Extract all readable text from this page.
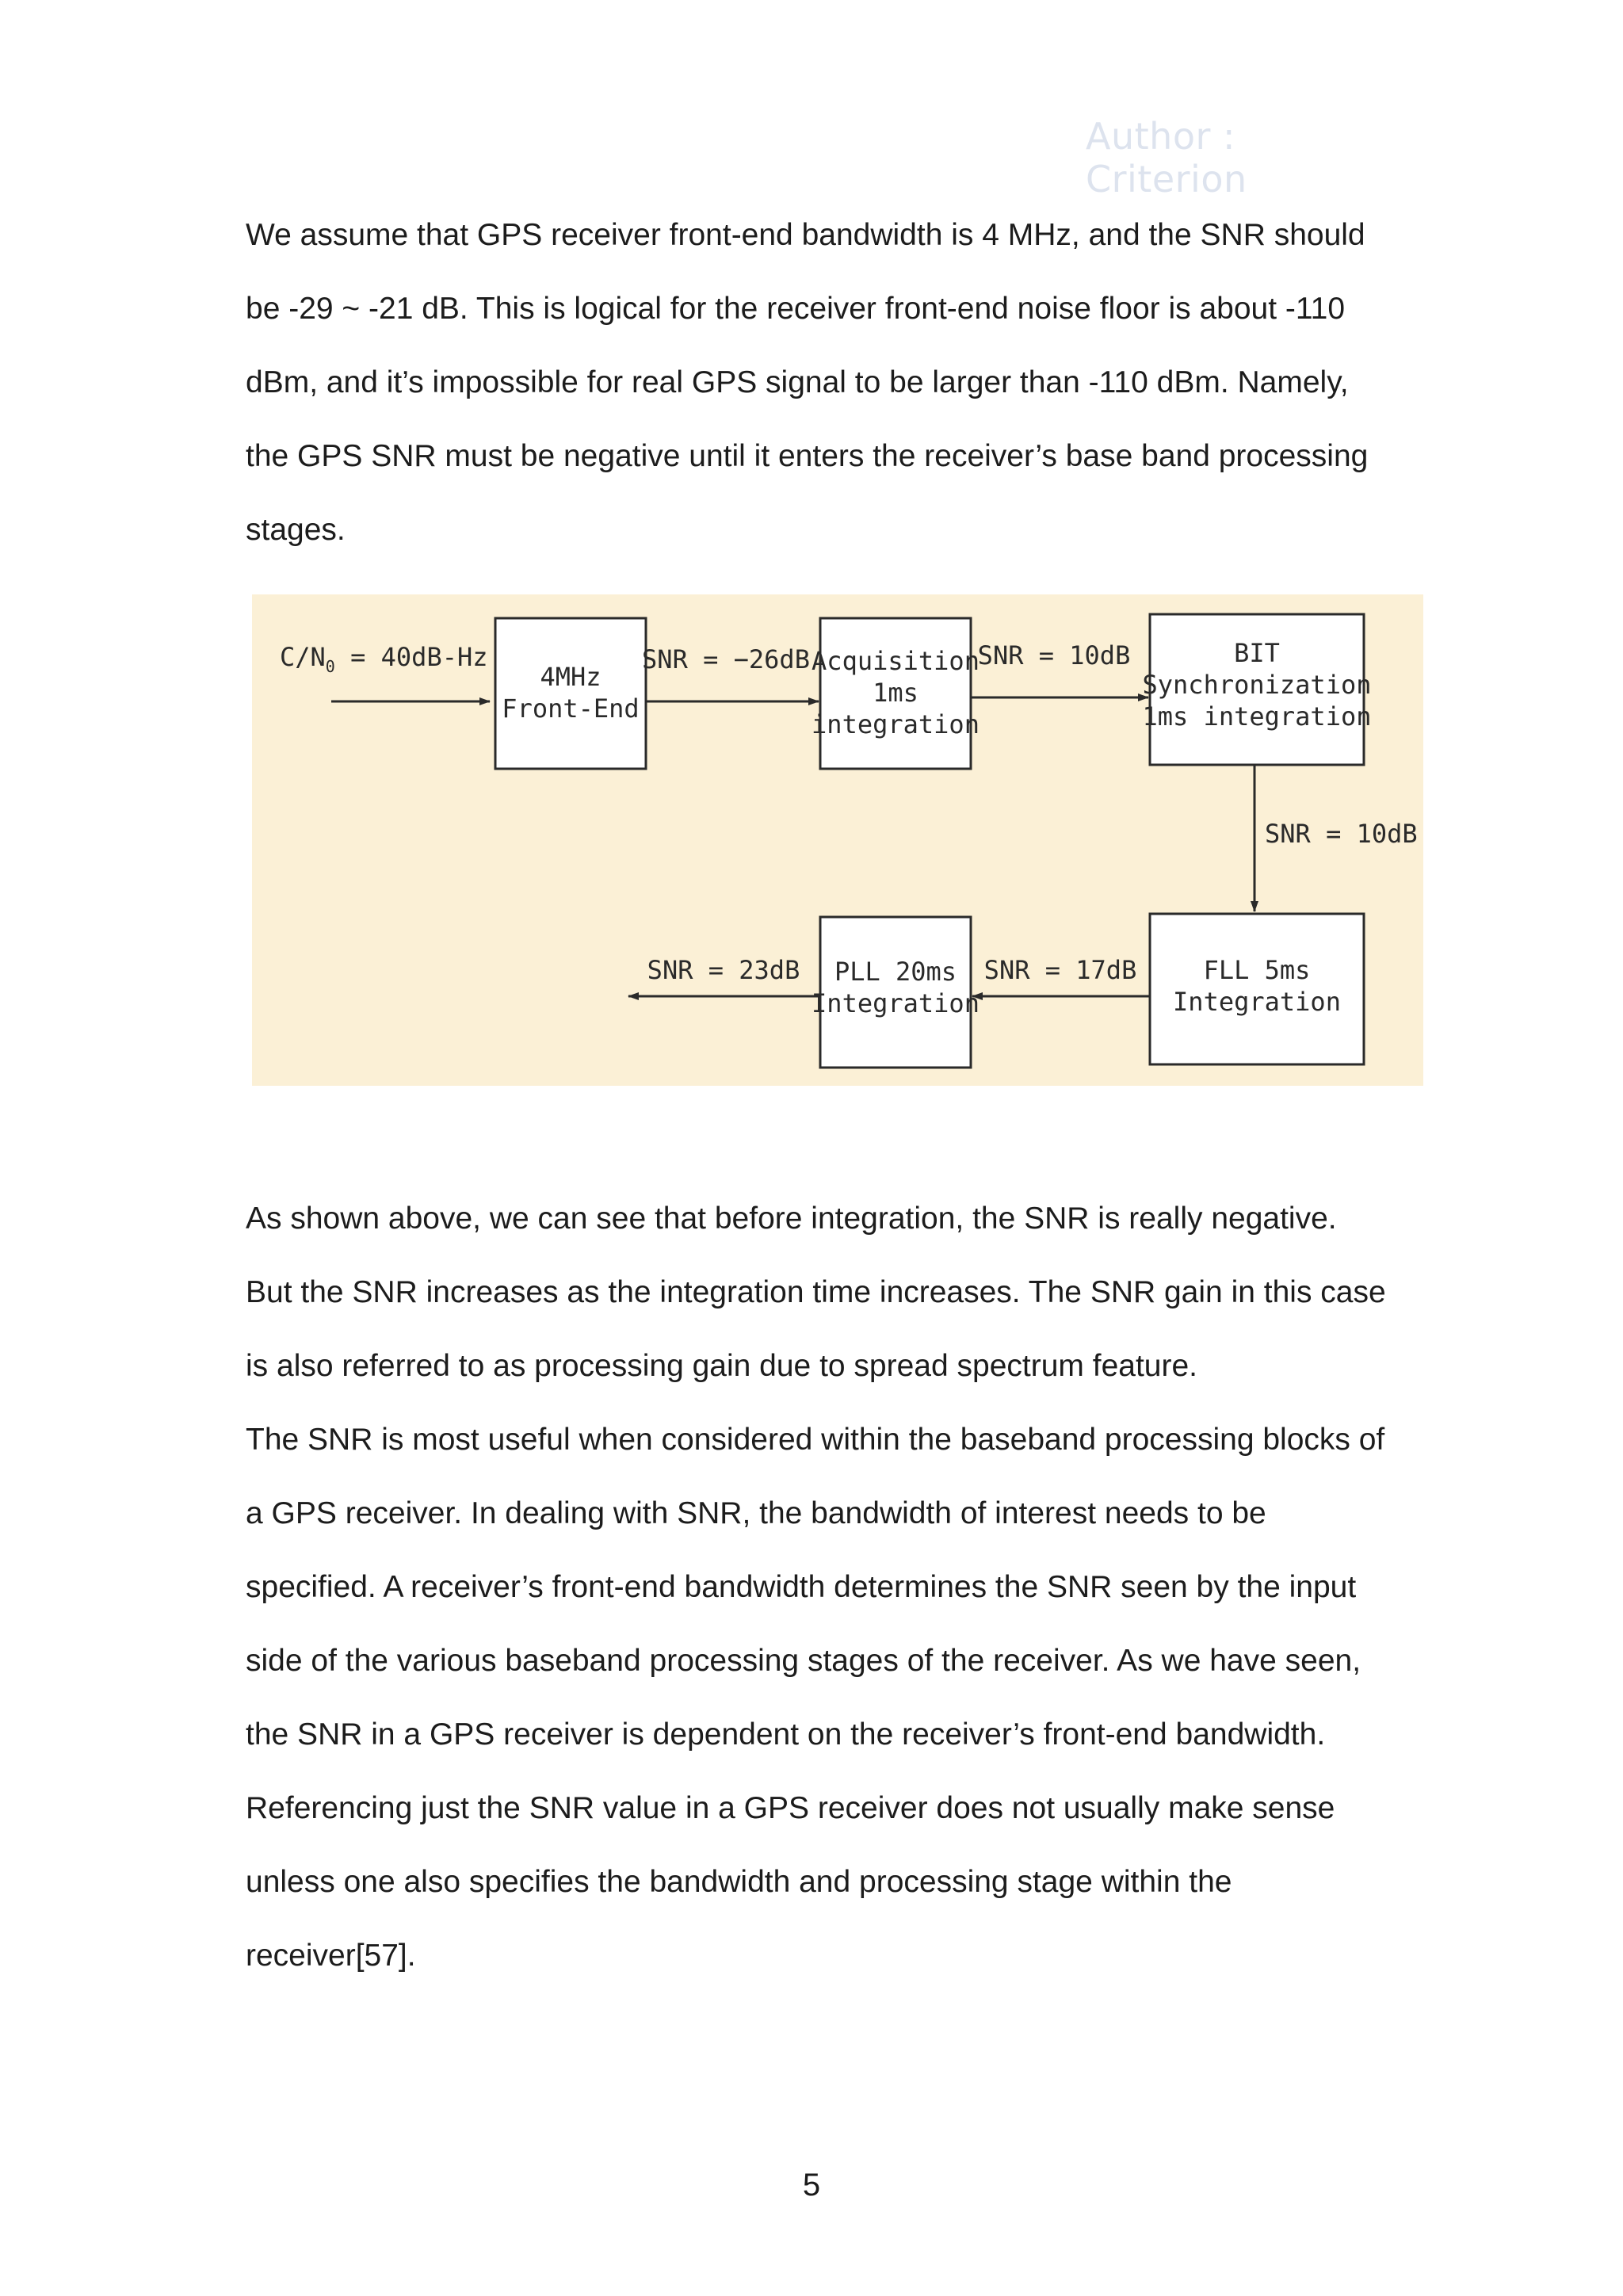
Author : Criterion

We assume that GPS receiver front-end bandwidth is 4 MHz, and the SNR should be -29 ~ -21 dB. This is logical for the receiver front-end noise floor is about -110 dBm, and it’s impossible for real GPS signal to be larger than -110 dBm. Namely, the GPS SNR must be negative until it enters the receiver’s base band processing stages.

$C/N_0 = 40dB-Hz$
4MHz
Front-End
SNR = −26dB Acquisition
1ms
integration
SNR = 10dB	BIT
Synchronization
1ms integration
SNR = 10dB
FLL 5ms
Integration
SNR = 17dB
PLL 20ms
Integration
SNR = 23dB

As shown above, we can see that before integration, the SNR is really negative. But the SNR increases as the integration time increases. The SNR gain in this case is also referred to as processing gain due to spread spectrum feature.

The SNR is most useful when considered within the baseband processing blocks of a GPS receiver. In dealing with SNR, the bandwidth of interest needs to be specified. A receiver’s front-end bandwidth determines the SNR seen by the input side of the various baseband processing stages of the receiver. As we have seen, the SNR in a GPS receiver is dependent on the receiver’s front-end bandwidth. Referencing just the SNR value in a GPS receiver does not usually make sense unless one also specifies the bandwidth and processing stage within the receiver[57].

5
